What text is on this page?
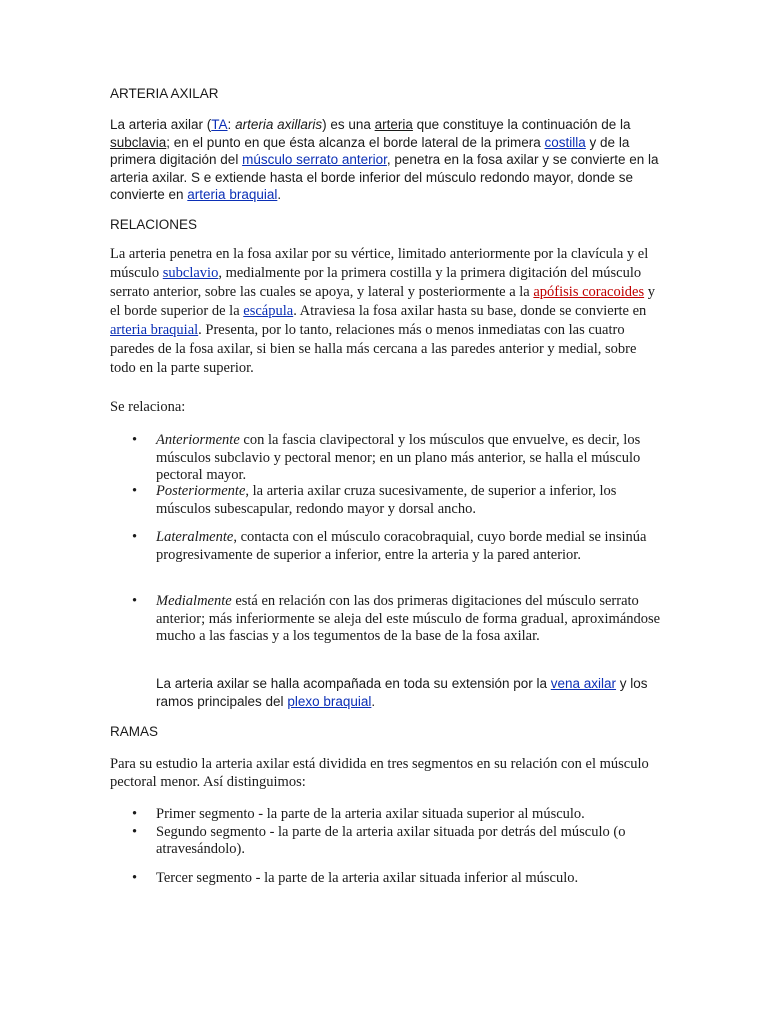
ARTERIA AXILAR

La arteria axilar (TA: arteria axillaris) es una arteria que constituye la continuación de la subclavia; en el punto en que ésta alcanza el borde lateral de la primera costilla y de la primera digitación del músculo serrato anterior, penetra en la fosa axilar y se convierte en la arteria axilar. S e extiende hasta el borde inferior del músculo redondo mayor, donde se convierte en arteria braquial.

RELACIONES

La arteria penetra en la fosa axilar por su vértice, limitado anteriormente por la clavícula y el músculo subclavio, medialmente por la primera costilla y la primera digitación del músculo serrato anterior, sobre las cuales se apoya, y lateral y posteriormente a la apófisis coracoides y el borde superior de la escápula. Atraviesa la fosa axilar hasta su base, donde se convierte en arteria braquial. Presenta, por lo tanto, relaciones más o menos inmediatas con las cuatro paredes de la fosa axilar, si bien se halla más cercana a las paredes anterior y medial, sobre todo en la parte superior.

Se relaciona:

• Anteriormente con la fascia clavipectoral y los músculos que envuelve, es decir, los músculos subclavio y pectoral menor; en un plano más anterior, se halla el músculo pectoral mayor.
• Posteriormente, la arteria axilar cruza sucesivamente, de superior a inferior, los músculos subescapular, redondo mayor y dorsal ancho.
• Lateralmente, contacta con el músculo coracobraquial, cuyo borde medial se insinúa progresivamente de superior a inferior, entre la arteria y la pared anterior.
• Medialmente está en relación con las dos primeras digitaciones del músculo serrato anterior; más inferiormente se aleja del este músculo de forma gradual, aproximándose mucho a las fascias y a los tegumentos de la base de la fosa axilar.

La arteria axilar se halla acompañada en toda su extensión por la vena axilar y los ramos principales del plexo braquial.

RAMAS

Para su estudio la arteria axilar está dividida en tres segmentos en su relación con el músculo pectoral menor. Así distinguimos:

• Primer segmento - la parte de la arteria axilar situada superior al músculo.
• Segundo segmento - la parte de la arteria axilar situada por detrás del músculo (o atravesándolo).
• Tercer segmento - la parte de la arteria axilar situada inferior al músculo.
